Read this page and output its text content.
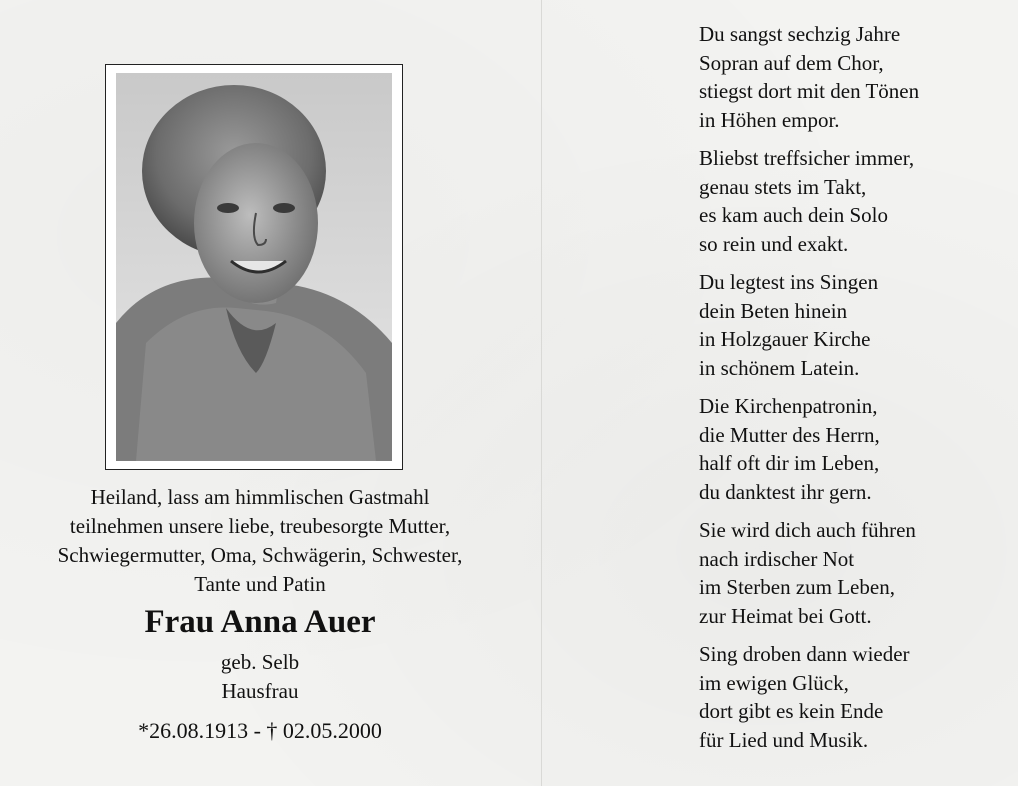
Heiland, lass am himmlischen Gastmahl
teilnehmen unsere liebe, treubesorgte Mutter,
Schwiegermutter, Oma, Schwägerin, Schwester,
Tante und Patin
Frau Anna Auer
geb. Selb
Hausfrau
*26.08.1913 - † 02.05.2000
Du sangst sechzig Jahre
Sopran auf dem Chor,
stiegst dort mit den Tönen
in Höhen empor.
Bliebst treffsicher immer,
genau stets im Takt,
es kam auch dein Solo
so rein und exakt.
Du legtest ins Singen
dein Beten hinein
in Holzgauer Kirche
in schönem Latein.
Die Kirchenpatronin,
die Mutter des Herrn,
half oft dir im Leben,
du danktest ihr gern.
Sie wird dich auch führen
nach irdischer Not
im Sterben zum Leben,
zur Heimat bei Gott.
Sing droben dann wieder
im ewigen Glück,
dort gibt es kein Ende
für Lied und Musik.
